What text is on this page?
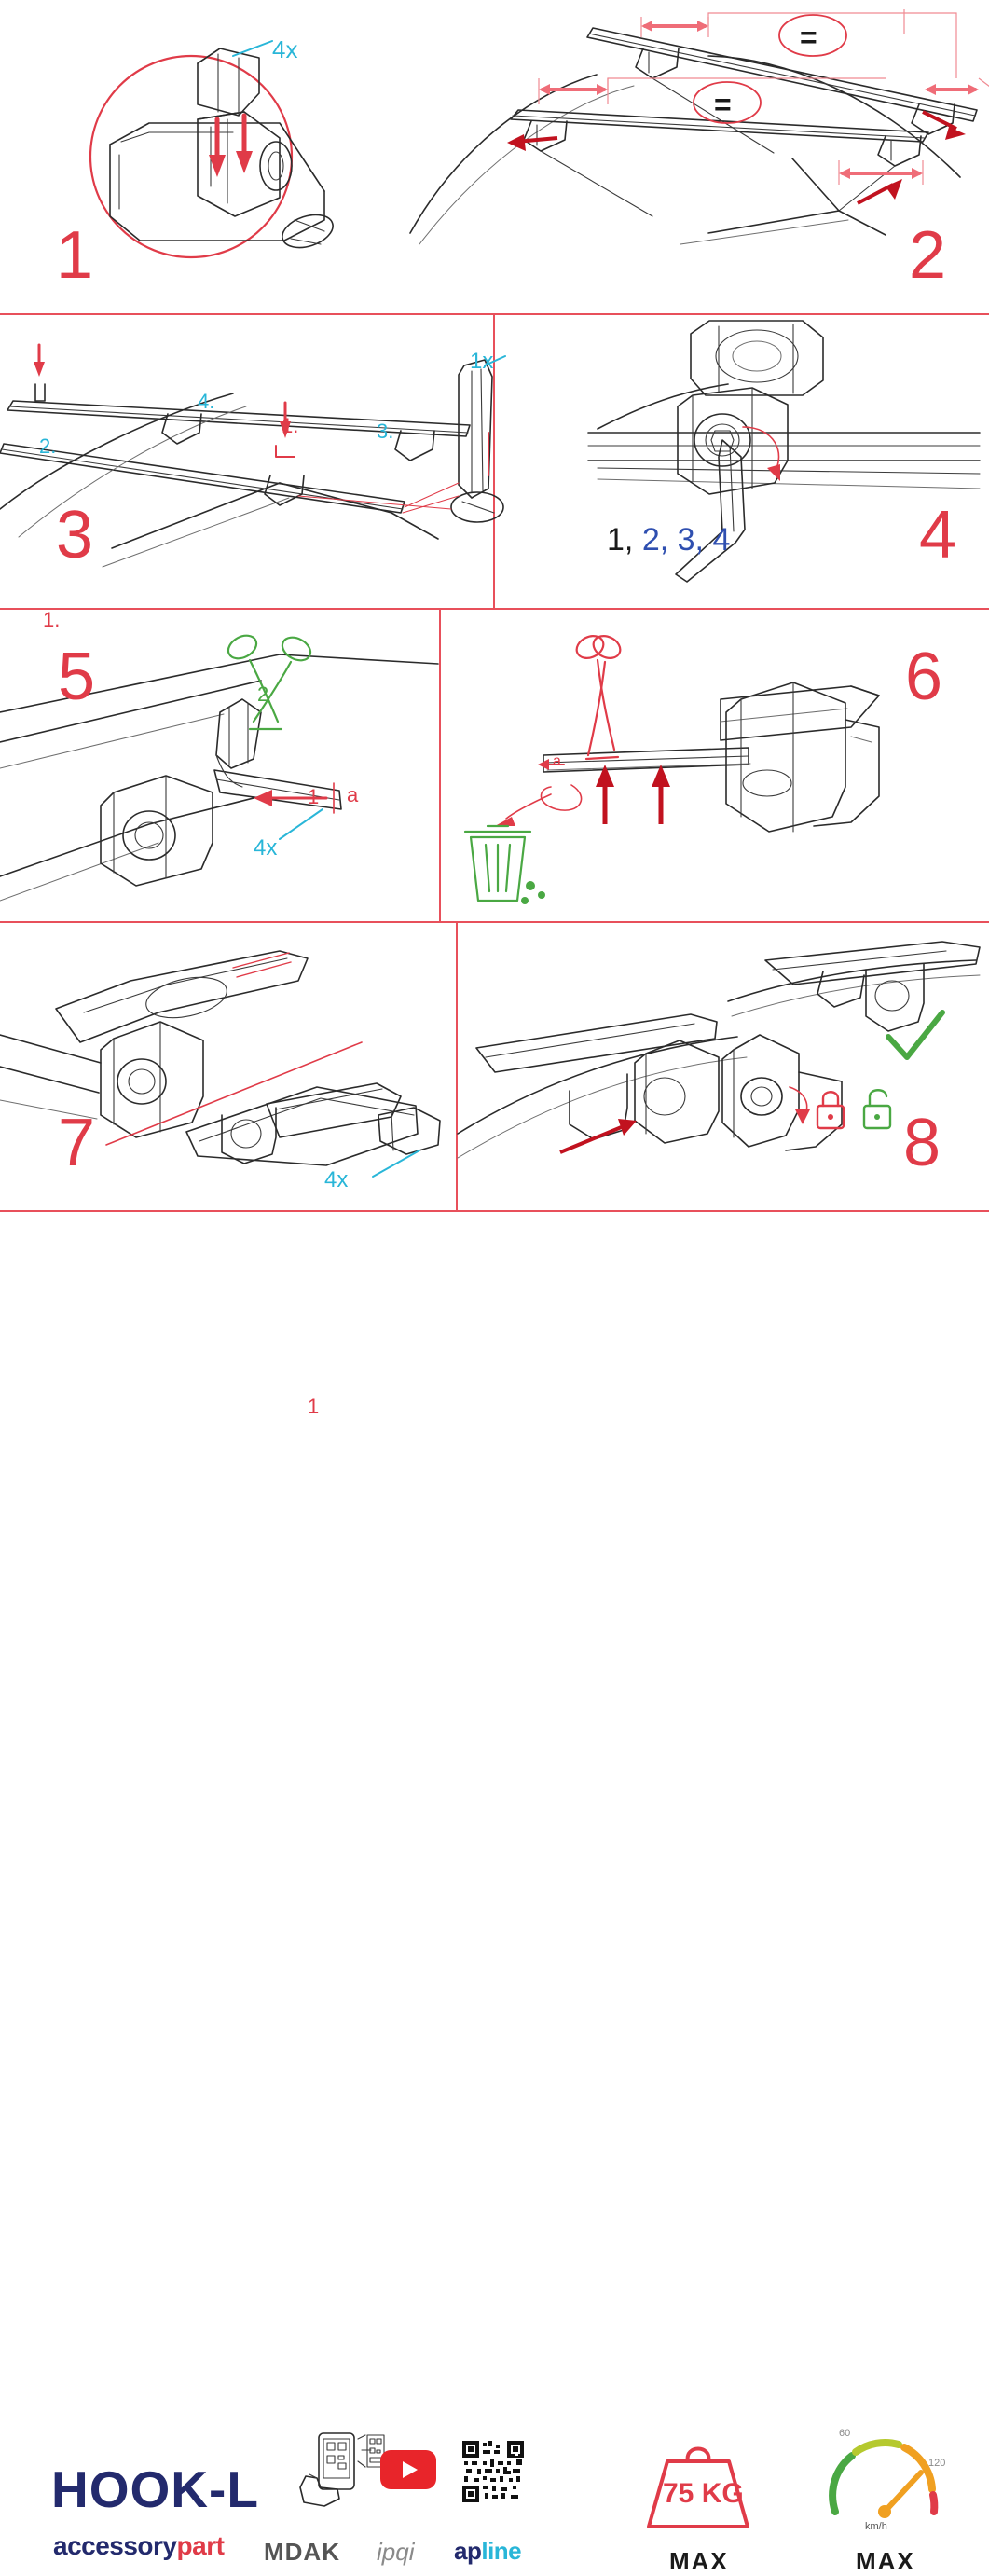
4x
1
=
=
2
1.
1.
2.
3.
4.
1x
3	1, 2, 3, 4	4
1
1
2
a
4x
5
a
6
4x
7	8
75 KG
MAX
60
120
km/h
MAX
HOOK-L
accessorypart MDAK ipqi apline
